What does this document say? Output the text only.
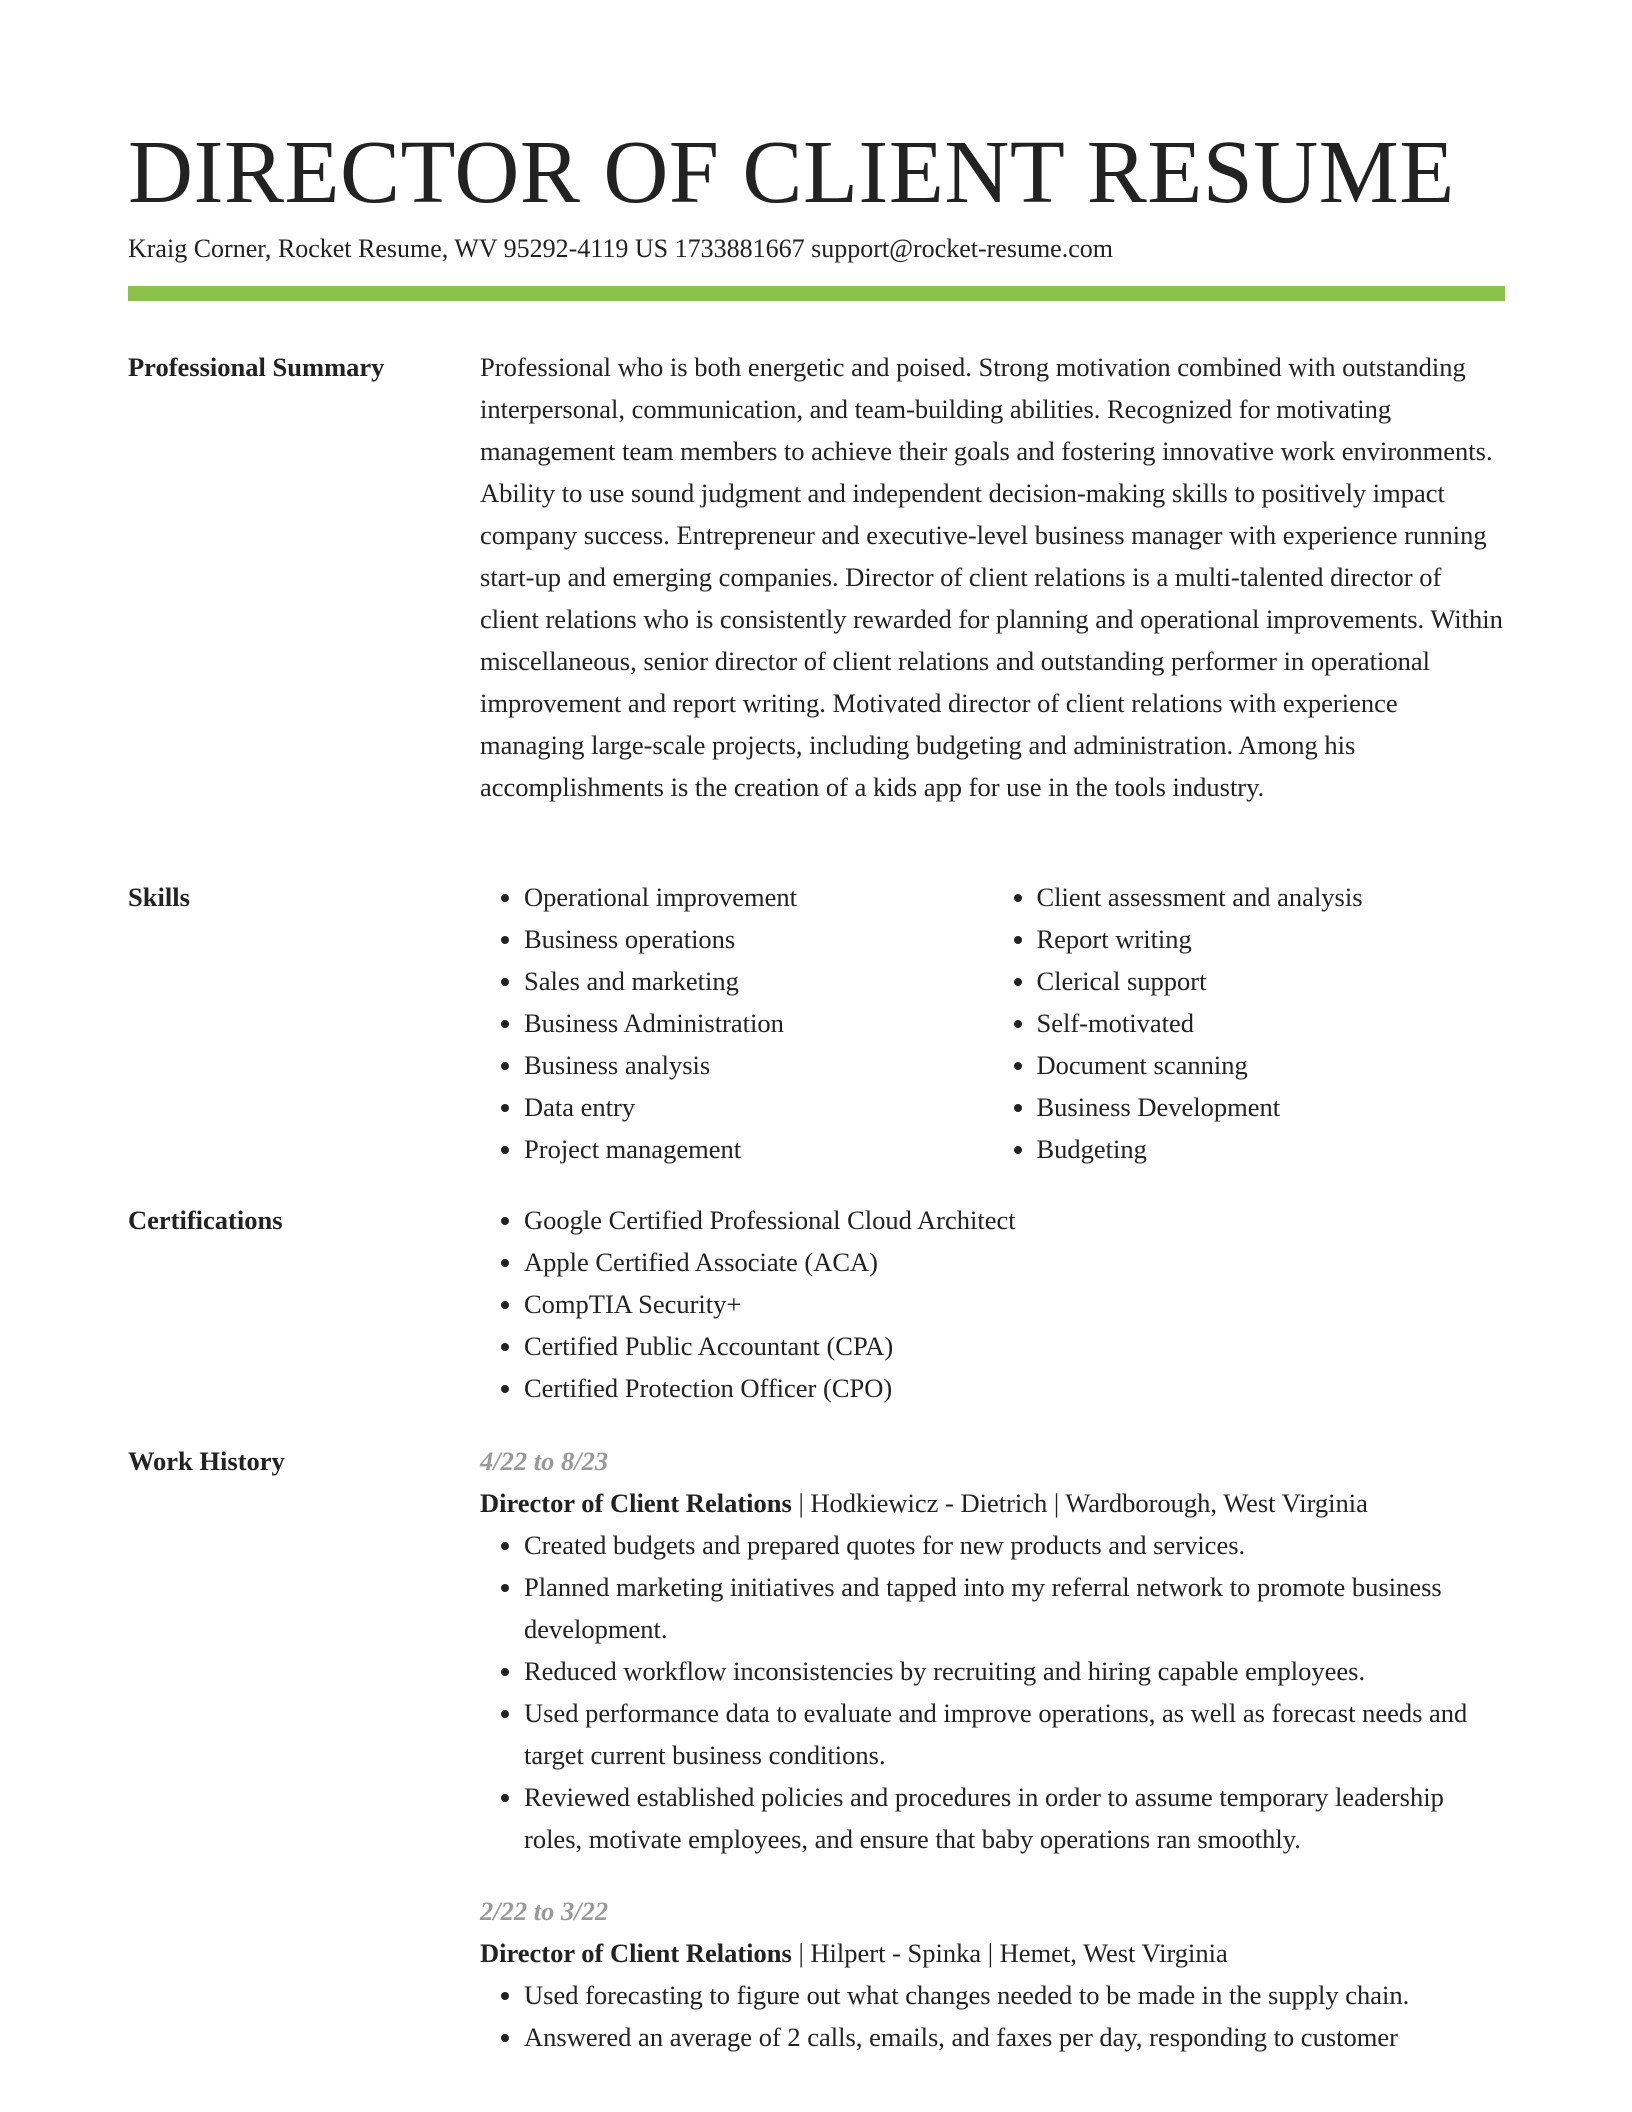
DIRECTOR OF CLIENT RESUME
Kraig Corner, Rocket Resume, WV 95292-4119 US 1733881667 support@rocket-resume.com
Professional Summary	Professional who is both energetic and poised. Strong motivation combined with outstanding interpersonal, communication, and team-building abilities. Recognized for motivating management team members to achieve their goals and fostering innovative work environments. Ability to use sound judgment and independent decision-making skills to positively impact company success. Entrepreneur and executive-level business manager with experience running start-up and emerging companies. Director of client relations is a multi-talented director of client relations who is consistently rewarded for planning and operational improvements. Within miscellaneous, senior director of client relations and outstanding performer in operational improvement and report writing. Motivated director of client relations with experience managing large-scale projects, including budgeting and administration. Among his accomplishments is the creation of a kids app for use in the tools industry.

Skills	• Operational improvement
• Business operations
• Sales and marketing
• Business Administration
• Business analysis
• Data entry
• Project management
• Client assessment and analysis
• Report writing
• Clerical support
• Self-motivated
• Document scanning
• Business Development
• Budgeting
Certifications	• Google Certified Professional Cloud Architect
• Apple Certified Associate (ACA)
• CompTIA Security+
• Certified Public Accountant (CPA)
• Certified Protection Officer (CPO)
Work History	4/22 to 8/23
Director of Client Relations | Hodkiewicz - Dietrich | Wardborough, West Virginia
• Created budgets and prepared quotes for new products and services.
• Planned marketing initiatives and tapped into my referral network to promote business development.
• Reduced workflow inconsistencies by recruiting and hiring capable employees.
• Used performance data to evaluate and improve operations, as well as forecast needs and target current business conditions.
• Reviewed established policies and procedures in order to assume temporary leadership roles, motivate employees, and ensure that baby operations ran smoothly.
2/22 to 3/22
Director of Client Relations | Hilpert - Spinka | Hemet, West Virginia
• Used forecasting to figure out what changes needed to be made in the supply chain.
• Answered an average of 2 calls, emails, and faxes per day, responding to customer
